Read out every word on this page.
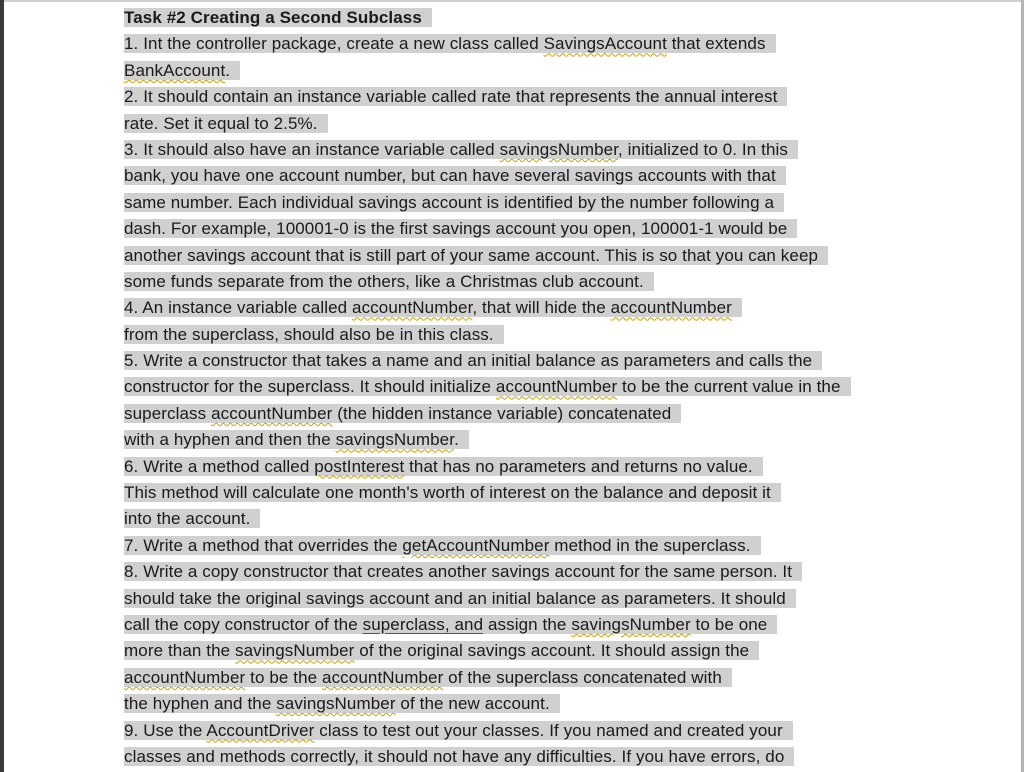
Task #2 Creating a Second Subclass
1. Int the controller package, create a new class called SavingsAccount that extends
BankAccount.
2. It should contain an instance variable called rate that represents the annual interest
rate. Set it equal to 2.5%.
3. It should also have an instance variable called savingsNumber, initialized to 0. In this
bank, you have one account number, but can have several savings accounts with that
same number. Each individual savings account is identified by the number following a
dash. For example, 100001-0 is the first savings account you open, 100001-1 would be
another savings account that is still part of your same account. This is so that you can keep
some funds separate from the others, like a Christmas club account.
4. An instance variable called accountNumber, that will hide the accountNumber
from the superclass, should also be in this class.
5. Write a constructor that takes a name and an initial balance as parameters and calls the
constructor for the superclass. It should initialize accountNumber to be the current value in the
superclass accountNumber (the hidden instance variable) concatenated
with a hyphen and then the savingsNumber.
6. Write a method called postInterest that has no parameters and returns no value.
This method will calculate one month's worth of interest on the balance and deposit it
into the account.
7. Write a method that overrides the getAccountNumber method in the superclass.
8. Write a copy constructor that creates another savings account for the same person. It
should take the original savings account and an initial balance as parameters. It should
call the copy constructor of the superclass, and assign the savingsNumber to be one
more than the savingsNumber of the original savings account. It should assign the
accountNumber to be the accountNumber of the superclass concatenated with
the hyphen and the savingsNumber of the new account.
9. Use the AccountDriver class to test out your classes. If you named and created your
classes and methods correctly, it should not have any difficulties. If you have errors, do
